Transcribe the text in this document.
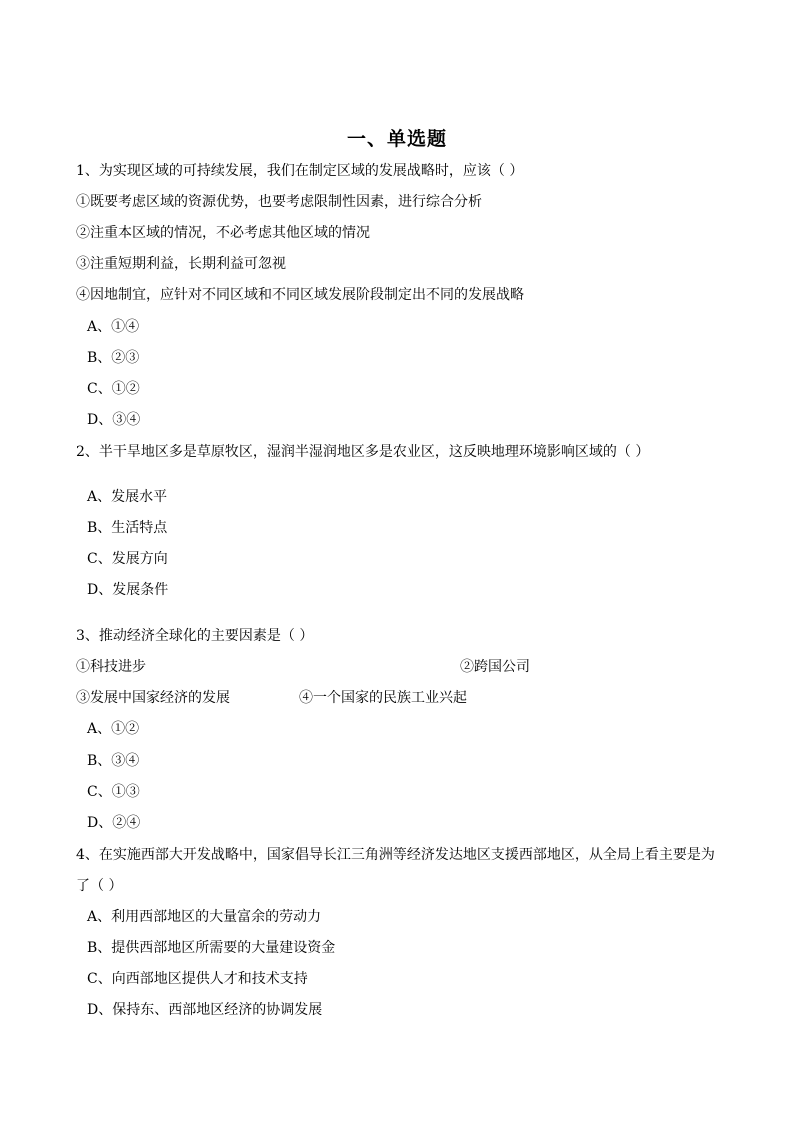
一、单选题
1、为实现区域的可持续发展，我们在制定区域的发展战略时，应该（ ）
①既要考虑区域的资源优势，也要考虑限制性因素，进行综合分析
②注重本区域的情况，不必考虑其他区域的情况
③注重短期利益，长期利益可忽视
④因地制宜，应针对不同区域和不同区域发展阶段制定出不同的发展战略
A、①④
B、②③
C、①②
D、③④
2、半干旱地区多是草原牧区，湿润半湿润地区多是农业区，这反映地理环境影响区域的（ ）
A、发展水平
B、生活特点
C、发展方向
D、发展条件
3、推动经济全球化的主要因素是（ ）
①科技进步	②跨国公司
③发展中国家经济的发展	④一个国家的民族工业兴起
A、①②
B、③④
C、①③
D、②④
4、在实施西部大开发战略中，国家倡导长江三角洲等经济发达地区支援西部地区，从全局上看主要是为
了（ ）
A、利用西部地区的大量富余的劳动力
B、提供西部地区所需要的大量建设资金
C、向西部地区提供人才和技术支持
D、保持东、西部地区经济的协调发展
